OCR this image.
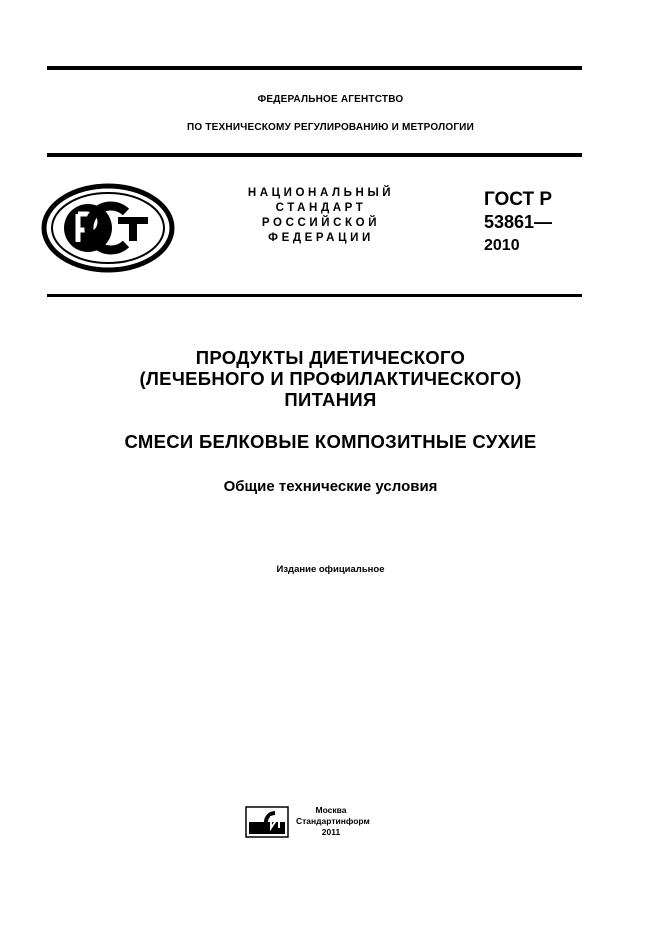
ФЕДЕРАЛЬНОЕ АГЕНТСТВО
ПО ТЕХНИЧЕСКОМУ РЕГУЛИРОВАНИЮ И МЕТРОЛОГИИ
НАЦИОНАЛЬНЫЙ
СТАНДАРТ
РОССИЙСКОЙ
ФЕДЕРАЦИИ
ГОСТ Р
53861—
2010
ПРОДУКТЫ ДИЕТИЧЕСКОГО
(ЛЕЧЕБНОГО И ПРОФИЛАКТИЧЕСКОГО)
ПИТАНИЯ
СМЕСИ БЕЛКОВЫЕ КОМПОЗИТНЫЕ СУХИЕ
Общие технические условия
Издание официальное
Москва
Стандартинформ
2011
